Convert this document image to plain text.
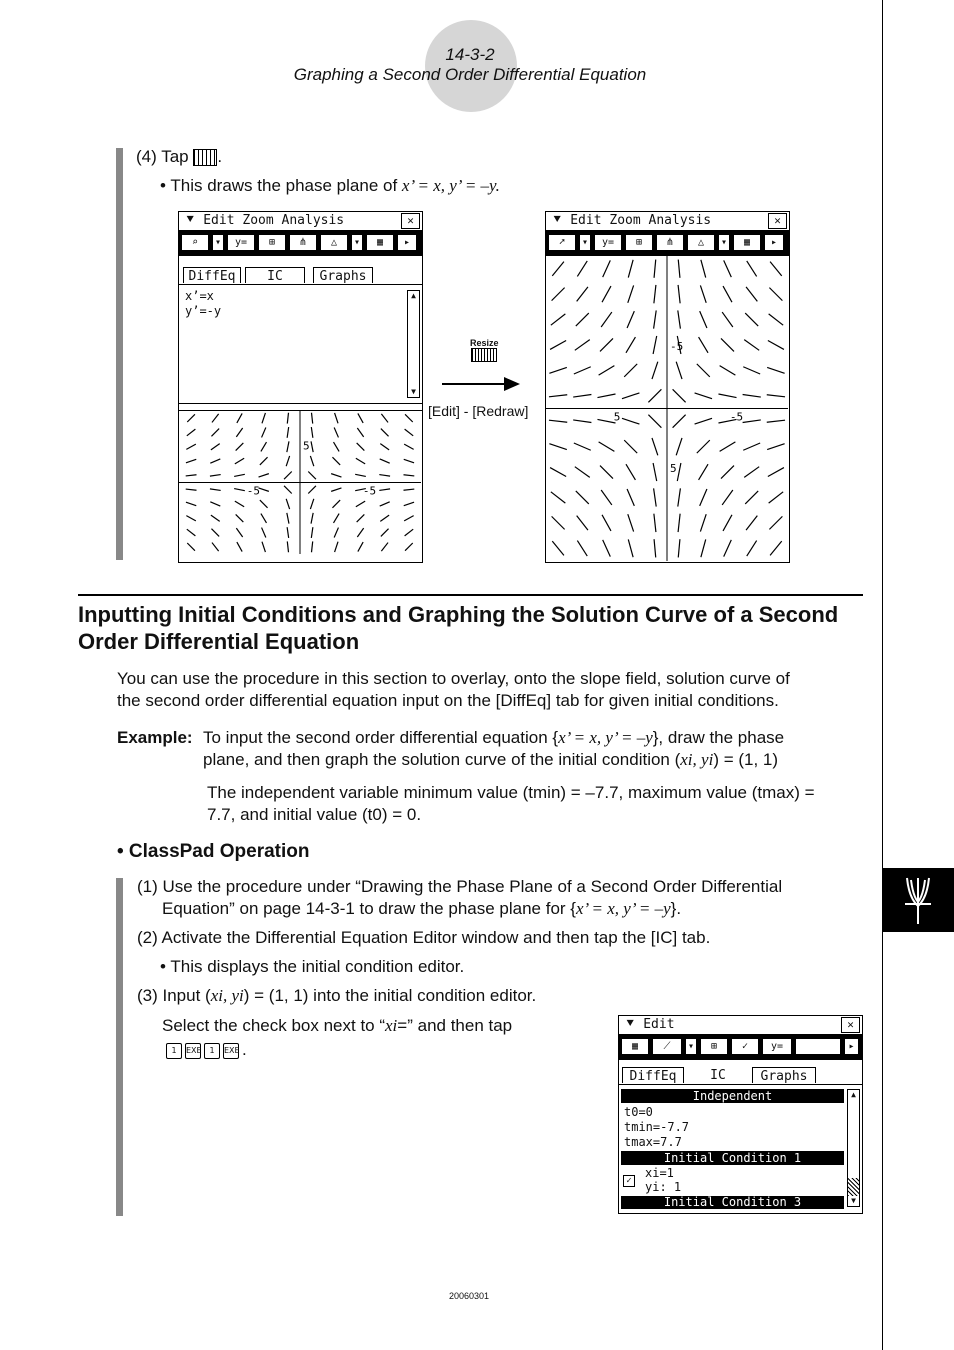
14-3-2
Graphing a Second Order Differential Equation
(4) Tap .
• This draws the phase plane of x’ = x, y’ = –y.
⯆ Edit Zoom Analysis	✕
⌕	▾	y=	⊞	⋔	△	▾	▦	▸
DiffEq	IC	Graphs
x’=x
y’=-y
▲
▼
-5	-5
5
Resize
[Edit] - [Redraw]
⯆ Edit Zoom Analysis	✕
➚	▾	y=	⊞	⋔	△	▾	▦	▸
5	-5
-5
5
Inputting Initial Conditions and Graphing the Solution Curve of a Second
Order Differential Equation
You can use the procedure in this section to overlay, onto the slope field, solution curve of
the second order differential equation input on the [DiffEq] tab for given initial conditions.
Example: To input the second order differential equation {x’ = x, y’ = –y}, draw the phase
plane, and then graph the solution curve of the initial condition (xi, yi) = (1, 1)
The independent variable minimum value (tmin) = –7.7, maximum value (tmax) =
7.7, and initial value (t0) = 0.
• ClassPad Operation
(1) Use the procedure under “Drawing the Phase Plane of a Second Order Differential
Equation” on page 14-3-1 to draw the phase plane for {x’ = x, y’ = –y}.
(2) Activate the Differential Equation Editor window and then tap the [IC] tab.
• This displays the initial condition editor.
(3) Input (xi, yi) = (1, 1) into the initial condition editor.
Select the check box next to “xi=” and then tap
1 EXE 1 EXE .
⯆ Edit	✕
▦	⟋	▾	⊞	✓	y=	▸
DiffEq	IC	Graphs
Independent
t0=0
tmin=-7.7
tmax=7.7
Initial Condition 1
✓
xi=1
yi: 1
Initial Condition 3
▲
▼
20060301
